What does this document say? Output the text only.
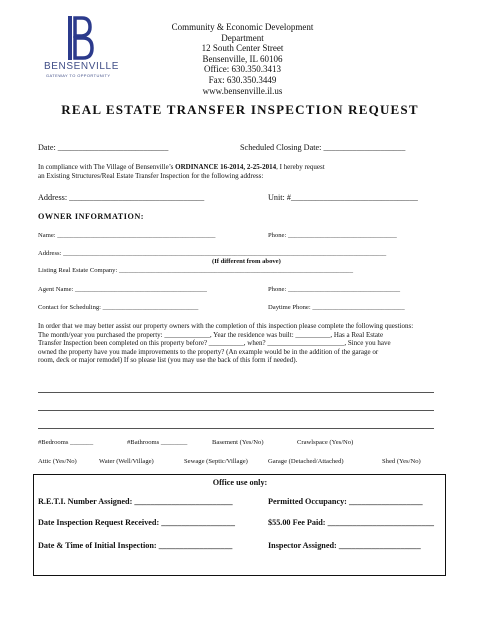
BENSENVILLE
GATEWAY TO OPPORTUNITY
Community & Economic Development Department
12 South Center Street
Bensenville, IL 60106
Office: 630.350.3413
Fax: 630.350.3449
www.bensenville.il.us
REAL ESTATE TRANSFER INSPECTION REQUEST
Date: ___________________________	Scheduled Closing Date: ____________________
In compliance with The Village of Bensenville’s ORDINANCE 16-2014, 2-25-2014, I hereby request
an Existing Structures/Real Estate Transfer Inspection for the following address:
Address: _________________________________	Unit: #_______________________________
OWNER INFORMATION:
Name: ________________________________________________	Phone: _________________________________
Address: __________________________________________________________________________________________________
(If different from above)
Listing Real Estate Company: _______________________________________________________________________
Agent Name: ________________________________________	Phone: __________________________________
Contact for Scheduling: _____________________________	Daytime Phone: ____________________________
In order that we may better assist our property owners with the completion of this inspection please complete the following questions:
The month/year you purchased the property: _____________, Year the residence was built: __________, Has a Real Estate
Transfer Inspection been completed on this property before? __________, when? ______________________, Since you have
owned the property have you made improvements to the property? (An example would be in the addition of the garage or
room, deck or major remodel) If so please list (you may use the back of this form if needed).
#Bedrooms _______	#Bathrooms ________	Basement (Yes/No)	Crawlspace (Yes/No)
Attic (Yes/No)	Water (Well/Village)	Sewage (Septic/Village)	Garage (Detached/Attached)	Shed (Yes/No)
Office use only:
R.E.T.I. Number Assigned: ________________________	Permitted Occupancy: __________________
Date Inspection Request Received: __________________	$55.00 Fee Paid: __________________________
Date & Time of Initial Inspection: __________________	Inspector Assigned: ____________________
